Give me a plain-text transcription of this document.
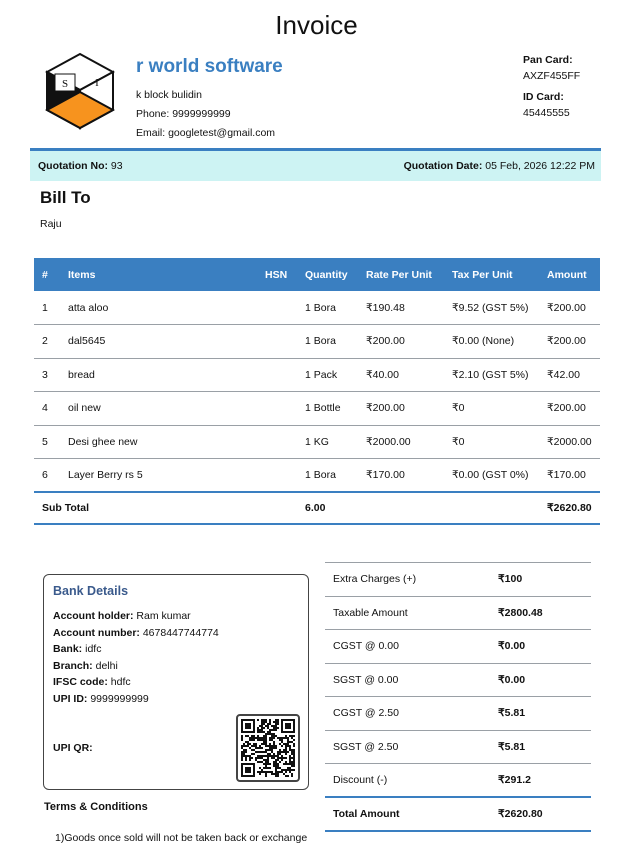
Invoice
S I
r world software
k block bulidin
Phone: 9999999999
Email: googletest@gmail.com
Pan Card:
AXZF455FF
ID Card:
45445555
Quotation No: 93	Quotation Date: 05 Feb, 2026 12:22 PM
Bill To
Raju
#	Items	HSN	Quantity	Rate Per Unit	Tax Per Unit	Amount
1	atta aloo		1 Bora	₹190.48	₹9.52 (GST 5%)	₹200.00
2	dal5645		1 Bora	₹200.00	₹0.00 (None)	₹200.00
3	bread		1 Pack	₹40.00	₹2.10 (GST 5%)	₹42.00
4	oil new		1 Bottle	₹200.00	₹0	₹200.00
5	Desi ghee new		1 KG	₹2000.00	₹0	₹2000.00
6	Layer Berry rs 5		1 Bora	₹170.00	₹0.00 (GST 0%)	₹170.00
Sub Total			6.00			₹2620.80
Bank Details
Account holder: Ram kumar
Account number: 4678447744774
Bank: idfc
Branch: delhi
IFSC code: hdfc
UPI ID: 9999999999
UPI QR:
Terms & Conditions
1)Goods once sold will not be taken back or exchange
Extra Charges (+)	₹100
Taxable Amount	₹2800.48
CGST @ 0.00	₹0.00
SGST @ 0.00	₹0.00
CGST @ 2.50	₹5.81
SGST @ 2.50	₹5.81
Discount (-)	₹291.2
Total Amount	₹2620.80
